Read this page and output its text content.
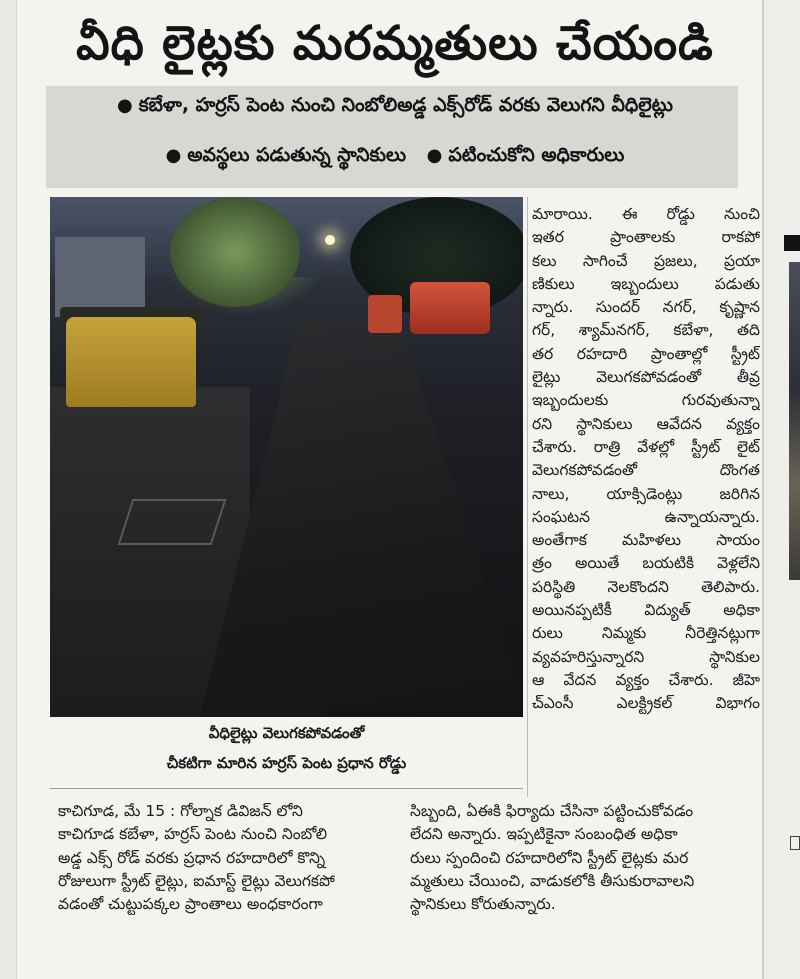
వీధి లైట్లకు మరమ్మతులు చేయండి
● కబేళా, హర్రస్ పెంట నుంచి నింబోలిఅడ్డ ఎక్స్‌రోడ్ వరకు వెలుగని వీధిలైట్లు
● అవస్థలు పడుతున్న స్థానికులు ● పటించుకోని అధికారులు
వీధిలైట్లు వెలుగకపోవడంతో
చీకటిగా మారిన హర్రస్ పెంట ప్రధాన రోడ్డు
మారాయి. ఈ రోడ్డు నుంచి
ఇతర ప్రాంతాలకు రాకపో
కలు సాగించే ప్రజలు, ప్రయా
ణికులు ఇబ్బందులు పడుతు
న్నారు. సుందర్ నగర్, కృష్ణాన
గర్, శ్యామ్‌నగర్, కబేళా, తది
తర రహదారి ప్రాంతాల్లో స్ట్రీట్
లైట్లు వెలుగకపోవడంతో తీవ్ర
ఇబ్బందులకు గురవుతున్నా
రని స్థానికులు ఆవేదన వ్యక్తం
చేశారు. రాత్రి వేళల్లో స్ట్రీట్ లైట్
వెలుగకపోవడంతో దొంగత
నాలు, యాక్సిడెంట్లు జరిగిన
సంఘటన ఉన్నాయన్నారు.
అంతేగాక మహిళలు సాయం
త్రం అయితే బయటికి వెళ్లలేని
పరిస్థితి నెలకొందని తెలిపారు.
అయినప్పటికీ విద్యుత్ అధికా
రులు నిమ్మకు నీరెత్తినట్లుగా
వ్యవహరిస్తున్నారని స్థానికుల
ఆ వేదన వ్యక్తం చేశారు. జీహె
చ్ఎంసీ ఎలక్ట్రికల్ విభాగం
కాచిగూడ, మే 15 : గోల్నాక డివిజన్ లోని
కాచిగూడ కబేళా, హర్రస్ పెంట నుంచి నింబోలి
అడ్డ ఎక్స్ రోడ్ వరకు ప్రధాన రహదారిలో కొన్ని
రోజులుగా స్ట్రీట్ లైట్లు, ఐమాస్ట్ లైట్లు వెలుగకపో
వడంతో చుట్టుపక్కల ప్రాంతాలు అంధకారంగా
సిబ్బంది, ఏఈకి ఫిర్యాదు చేసినా పట్టించుకోవడం
లేదని అన్నారు. ఇప్పటికైనా సంబంధిత అధికా
రులు స్పందించి రహదారిలోని స్ట్రీట్ లైట్లకు మర
మ్మతులు చేయించి, వాడుకలోకి తీసుకురావాలని
స్థానికులు కోరుతున్నారు.
